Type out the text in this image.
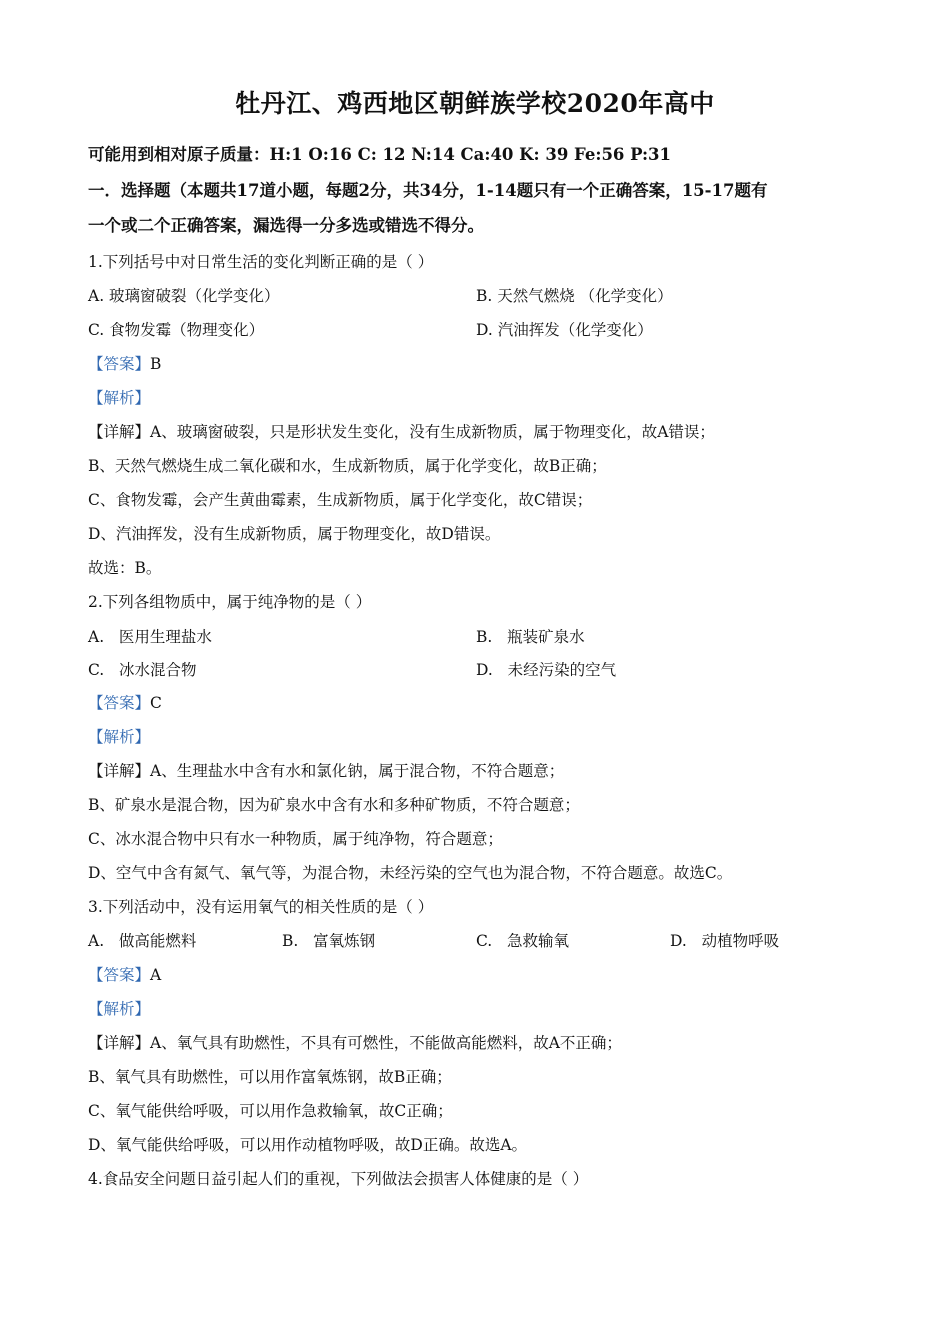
牡丹江、鸡西地区朝鲜族学校2020年高中
可能用到相对原子质量：H:1 O:16 C: 12 N:14 Ca:40 K: 39 Fe:56 P:31
一．选择题（本题共17道小题，每题2分，共34分，1-14题只有一个正确答案，15-17题有
一个或二个正确答案，漏选得一分多选或错选不得分。
1.下列括号中对日常生活的变化判断正确的是（ ）
A. 玻璃窗破裂（化学变化）	B. 天然气燃烧 （化学变化）
C. 食物发霉（物理变化）	D. 汽油挥发（化学变化）
【答案】B
【解析】
【详解】A、玻璃窗破裂，只是形状发生变化，没有生成新物质，属于物理变化，故A错误；
B、天然气燃烧生成二氧化碳和水，生成新物质，属于化学变化，故B正确；
C、食物发霉，会产生黄曲霉素，生成新物质，属于化学变化，故C错误；
D、汽油挥发，没有生成新物质，属于物理变化，故D错误。
故选：B。
2.下列各组物质中，属于纯净物的是（ ）
A.   医用生理盐水	B.   瓶装矿泉水
C.   冰水混合物	D.   未经污染的空气
【答案】C
【解析】
【详解】A、生理盐水中含有水和氯化钠，属于混合物，不符合题意；
B、矿泉水是混合物，因为矿泉水中含有水和多种矿物质，不符合题意；
C、冰水混合物中只有水一种物质，属于纯净物，符合题意；
D、空气中含有氮气、氧气等，为混合物，未经污染的空气也为混合物，不符合题意。故选C。
3.下列活动中，没有运用氧气的相关性质的是（ ）
A.   做高能燃料	B.   富氧炼钢	C.   急救输氧	D.   动植物呼吸
【答案】A
【解析】
【详解】A、氧气具有助燃性，不具有可燃性，不能做高能燃料，故A不正确；
B、氧气具有助燃性，可以用作富氧炼钢，故B正确；
C、氧气能供给呼吸，可以用作急救输氧，故C正确；
D、氧气能供给呼吸，可以用作动植物呼吸，故D正确。故选A。
4.食品安全问题日益引起人们的重视，下列做法会损害人体健康的是（ ）
